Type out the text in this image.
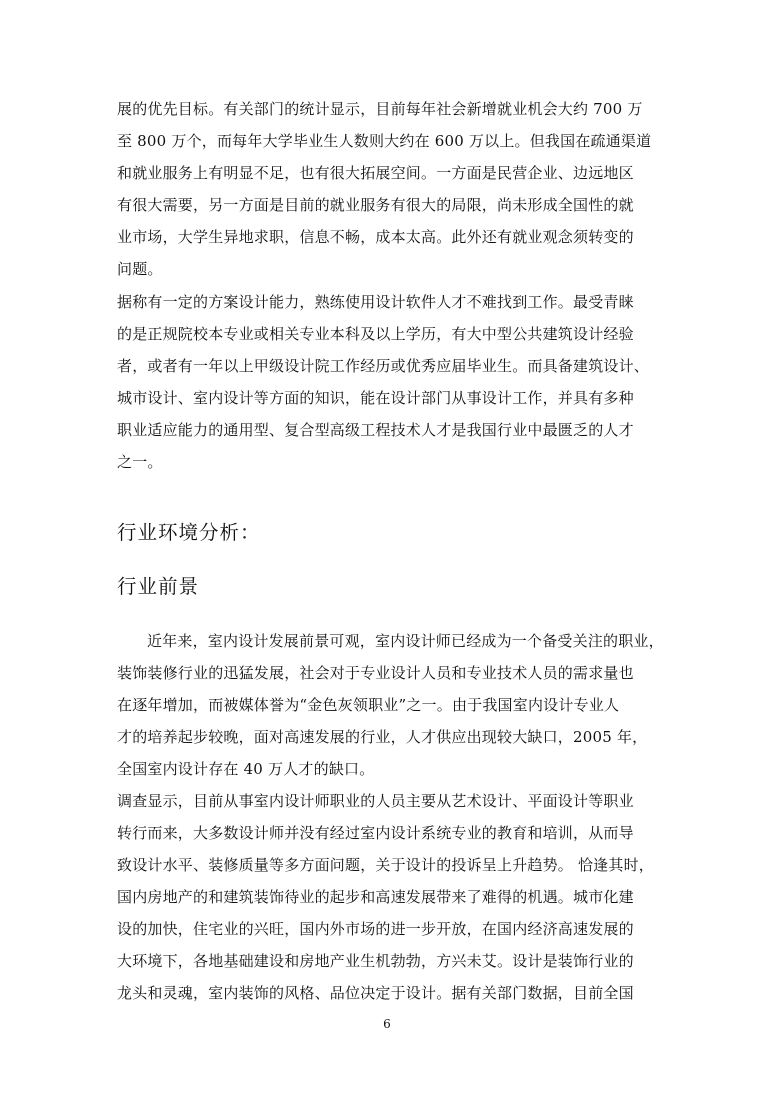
展的优先目标。有关部门的统计显示，目前每年社会新增就业机会大约 700 万
至 800 万个，而每年大学毕业生人数则大约在 600 万以上。但我国在疏通渠道
和就业服务上有明显不足，也有很大拓展空间。一方面是民营企业、边远地区
有很大需要，另一方面是目前的就业服务有很大的局限，尚未形成全国性的就
业市场，大学生异地求职，信息不畅，成本太高。此外还有就业观念须转变的
问题。
据称有一定的方案设计能力，熟练使用设计软件人才不难找到工作。最受青睐
的是正规院校本专业或相关专业本科及以上学历，有大中型公共建筑设计经验
者，或者有一年以上甲级设计院工作经历或优秀应届毕业生。而具备建筑设计、
城市设计、室内设计等方面的知识，能在设计部门从事设计工作，并具有多种
职业适应能力的通用型、复合型高级工程技术人才是我国行业中最匮乏的人才
之一。
行业环境分析：
行业前景
近年来，室内设计发展前景可观，室内设计师已经成为一个备受关注的职业，
装饰装修行业的迅猛发展，社会对于专业设计人员和专业技术人员的需求量也
在逐年增加，而被媒体誉为“金色灰领职业”之一。由于我国室内设计专业人
才的培养起步较晚，面对高速发展的行业，人才供应出现较大缺口，2005 年，
全国室内设计存在 40 万人才的缺口。
调查显示，目前从事室内设计师职业的人员主要从艺术设计、平面设计等职业
转行而来，大多数设计师并没有经过室内设计系统专业的教育和培训，从而导
致设计水平、装修质量等多方面问题，关于设计的投诉呈上升趋势。 恰逢其时，
国内房地产的和建筑装饰待业的起步和高速发展带来了难得的机遇。城市化建
设的加快，住宅业的兴旺，国内外市场的进一步开放，在国内经济高速发展的
大环境下，各地基础建设和房地产业生机勃勃，方兴未艾。设计是装饰行业的
龙头和灵魂，室内装饰的风格、品位决定于设计。据有关部门数据，目前全国
6
